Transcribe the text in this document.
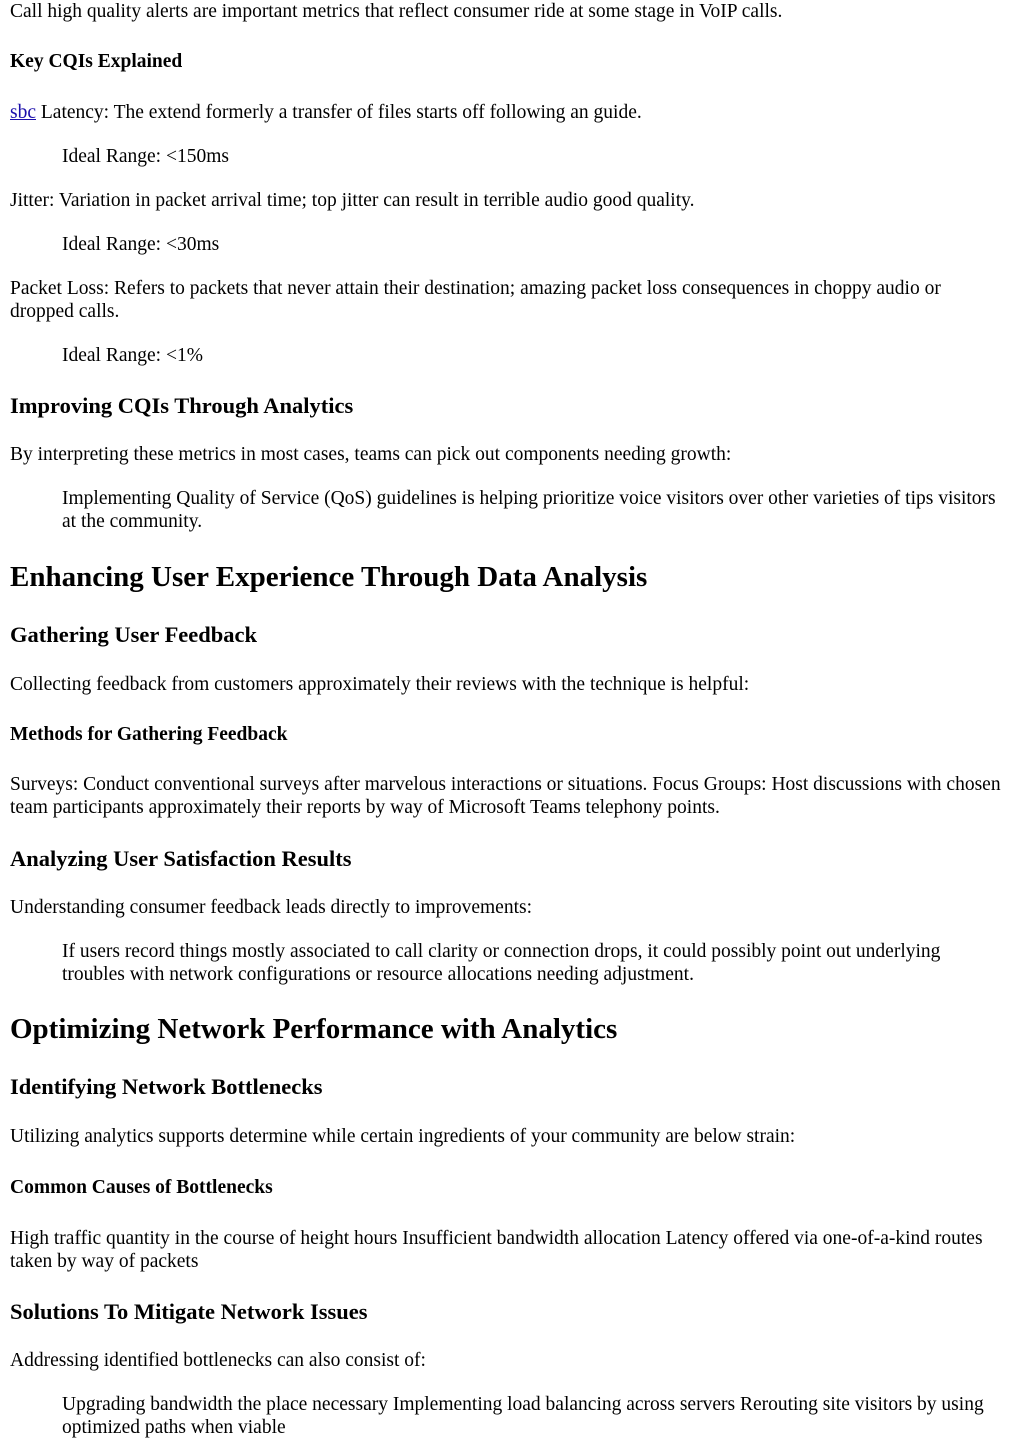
Call high quality alerts are important metrics that reflect consumer ride at some stage in VoIP calls.

Key CQIs Explained

sbc Latency: The extend formerly a transfer of files starts off following an guide.

Ideal Range: <150ms

Jitter: Variation in packet arrival time; top jitter can result in terrible audio good quality.

Ideal Range: <30ms

Packet Loss: Refers to packets that never attain their destination; amazing packet loss consequences in choppy audio or dropped calls.

Ideal Range: <1%

Improving CQIs Through Analytics

By interpreting these metrics in most cases, teams can pick out components needing growth:

Implementing Quality of Service (QoS) guidelines is helping prioritize voice visitors over other varieties of tips visitors at the community.

Enhancing User Experience Through Data Analysis
Gathering User Feedback

Collecting feedback from customers approximately their reviews with the technique is helpful:

Methods for Gathering Feedback

Surveys: Conduct conventional surveys after marvelous interactions or situations. Focus Groups: Host discussions with chosen team participants approximately their reports by way of Microsoft Teams telephony points.

Analyzing User Satisfaction Results

Understanding consumer feedback leads directly to improvements:

If users record things mostly associated to call clarity or connection drops, it could possibly point out underlying troubles with network configurations or resource allocations needing adjustment.

Optimizing Network Performance with Analytics
Identifying Network Bottlenecks

Utilizing analytics supports determine while certain ingredients of your community are below strain:

Common Causes of Bottlenecks

High traffic quantity in the course of height hours Insufficient bandwidth allocation Latency offered via one-of-a-kind routes taken by way of packets

Solutions To Mitigate Network Issues

Addressing identified bottlenecks can also consist of:

Upgrading bandwidth the place necessary Implementing load balancing across servers Rerouting site visitors by using optimized paths when viable
